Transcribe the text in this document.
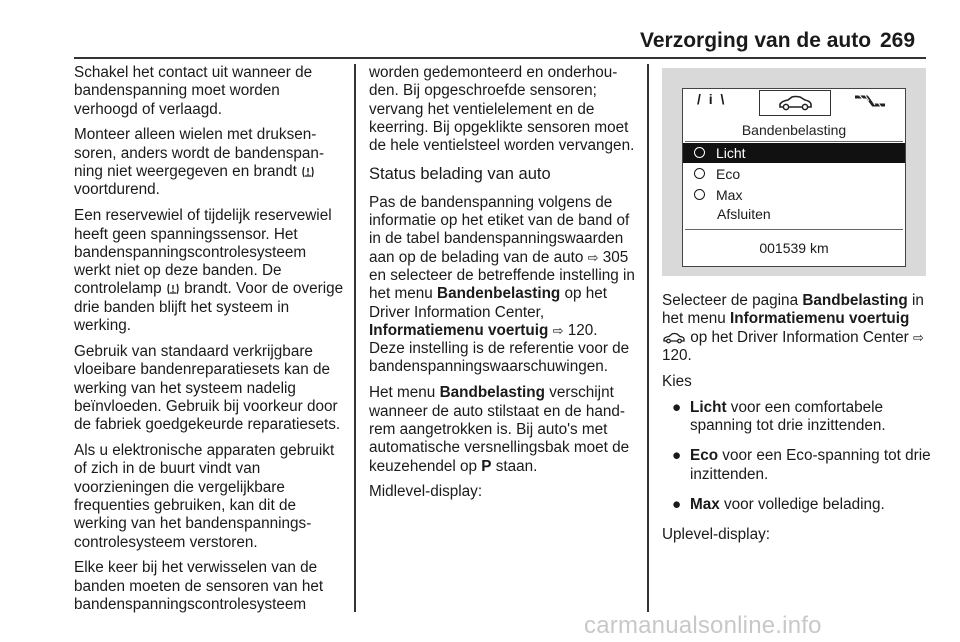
Verzorging van de auto 269

Schakel het contact uit wanneer de bandenspanning moet worden verhoogd of verlaagd.

Monteer alleen wielen met druksensoren, anders wordt de bandenspanning niet weergegeven en brandt  voortdurend.

Een reservewiel of tijdelijk reservewiel heeft geen spanningssensor. Het bandenspanningscontrolesysteem werkt niet op deze banden. De controlelamp  brandt. Voor de overige drie banden blijft het systeem in werking.

Gebruik van standaard verkrijgbare vloeibare bandenreparatiesets kan de werking van het systeem nadelig beïnvloeden. Gebruik bij voorkeur door de fabriek goedgekeurde reparatiesets.

Als u elektronische apparaten gebruikt of zich in de buurt vindt van voorzieningen die vergelijkbare frequenties gebruiken, kan dit de werking van het bandenspanningscontrolesysteem verstoren.

Elke keer bij het verwisselen van de banden moeten de sensoren van het bandenspanningscontrolesysteem

worden gedemonteerd en onderhouden. Bij opgeschroefde sensoren; vervang het ventielelement en de keerring. Bij opgeklikte sensoren moet de hele ventielsteel worden vervangen.

Status belading van auto

Pas de bandenspanning volgens de informatie op het etiket van de band of in de tabel bandenspanningswaarden aan op de belading van de auto ⇨ 305 en selecteer de betreffende instelling in het menu Bandenbelasting op het Driver Information Center, Informatiemenu voertuig ⇨ 120. Deze instelling is de referentie voor de bandenspanningswaarschuwingen.

Het menu Bandbelasting verschijnt wanneer de auto stilstaat en de handrem aangetrokken is. Bij auto's met automatische versnellingsbak moet de keuzehendel op P staan.

Midlevel-display:

/ i \
Bandenbelasting
Licht
Eco
Max
Afsluiten
001539 km

Selecteer de pagina Bandbelasting in het menu Informatiemenu voertuig  op het Driver Information Center ⇨ 120.

Kies

● Licht voor een comfortabele spanning tot drie inzittenden.
● Eco voor een Eco-spanning tot drie inzittenden.
● Max voor volledige belading.

Uplevel-display:

carmanualsonline.info
